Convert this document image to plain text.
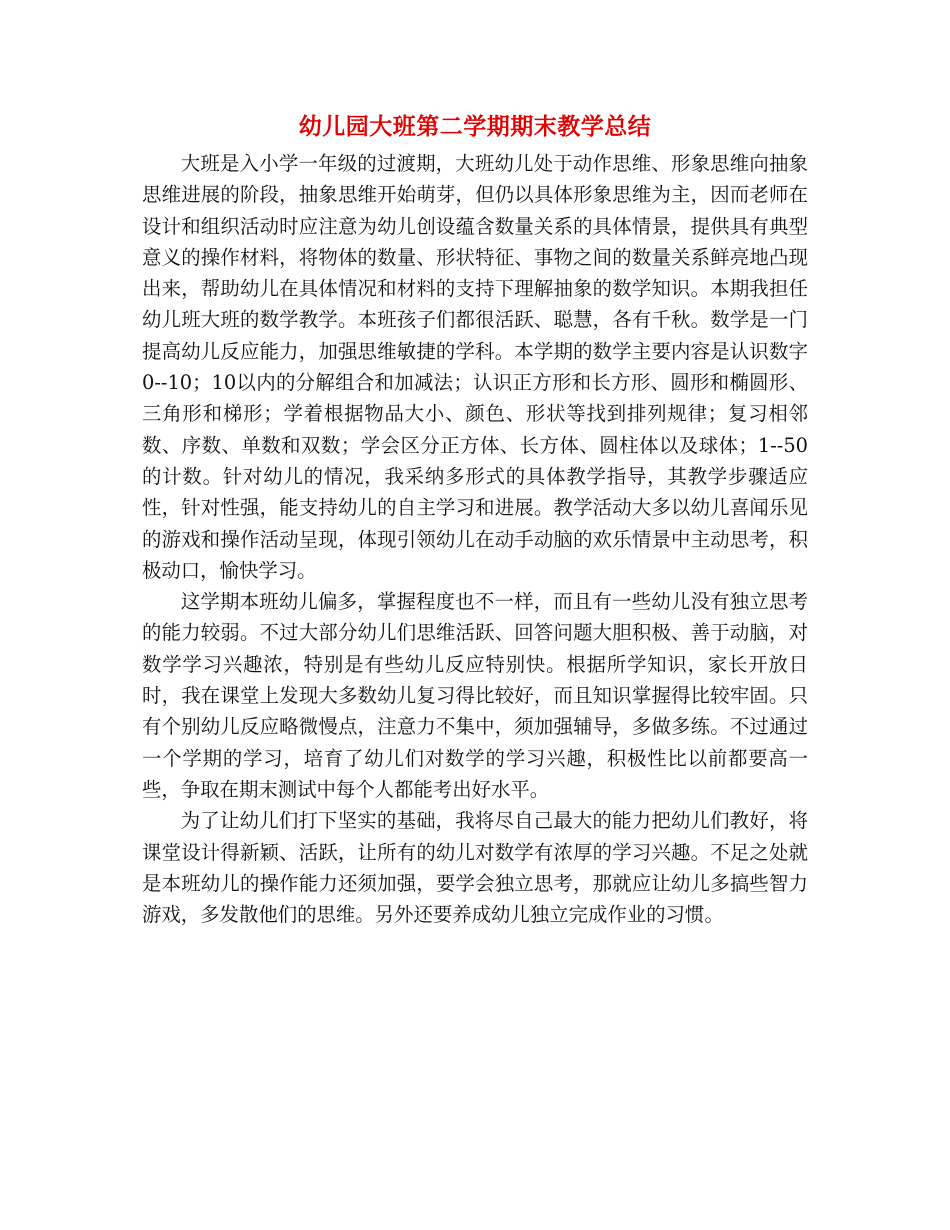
幼儿园大班第二学期期末教学总结

大班是入小学一年级的过渡期，大班幼儿处于动作思维、形象思维向抽象思维进展的阶段，抽象思维开始萌芽，但仍以具体形象思维为主，因而老师在设计和组织活动时应注意为幼儿创设蕴含数量关系的具体情景，提供具有典型意义的操作材料，将物体的数量、形状特征、事物之间的数量关系鲜亮地凸现出来，帮助幼儿在具体情况和材料的支持下理解抽象的数学知识。本期我担任幼儿班大班的数学教学。本班孩子们都很活跃、聪慧，各有千秋。数学是一门提高幼儿反应能力，加强思维敏捷的学科。本学期的数学主要内容是认识数字0--10；10以内的分解组合和加减法；认识正方形和长方形、圆形和椭圆形、三角形和梯形；学着根据物品大小、颜色、形状等找到排列规律；复习相邻数、序数、单数和双数；学会区分正方体、长方体、圆柱体以及球体；1--50的计数。针对幼儿的情况，我采纳多形式的具体教学指导，其教学步骤适应性，针对性强，能支持幼儿的自主学习和进展。教学活动大多以幼儿喜闻乐见的游戏和操作活动呈现，体现引领幼儿在动手动脑的欢乐情景中主动思考，积极动口，愉快学习。

这学期本班幼儿偏多，掌握程度也不一样，而且有一些幼儿没有独立思考的能力较弱。不过大部分幼儿们思维活跃、回答问题大胆积极、善于动脑，对数学学习兴趣浓，特别是有些幼儿反应特别快。根据所学知识，家长开放日时，我在课堂上发现大多数幼儿复习得比较好，而且知识掌握得比较牢固。只有个别幼儿反应略微慢点，注意力不集中，须加强辅导，多做多练。不过通过一个学期的学习，培育了幼儿们对数学的学习兴趣，积极性比以前都要高一些，争取在期末测试中每个人都能考出好水平。

为了让幼儿们打下坚实的基础，我将尽自己最大的能力把幼儿们教好，将课堂设计得新颖、活跃，让所有的幼儿对数学有浓厚的学习兴趣。不足之处就是本班幼儿的操作能力还须加强，要学会独立思考，那就应让幼儿多搞些智力游戏，多发散他们的思维。另外还要养成幼儿独立完成作业的习惯。
